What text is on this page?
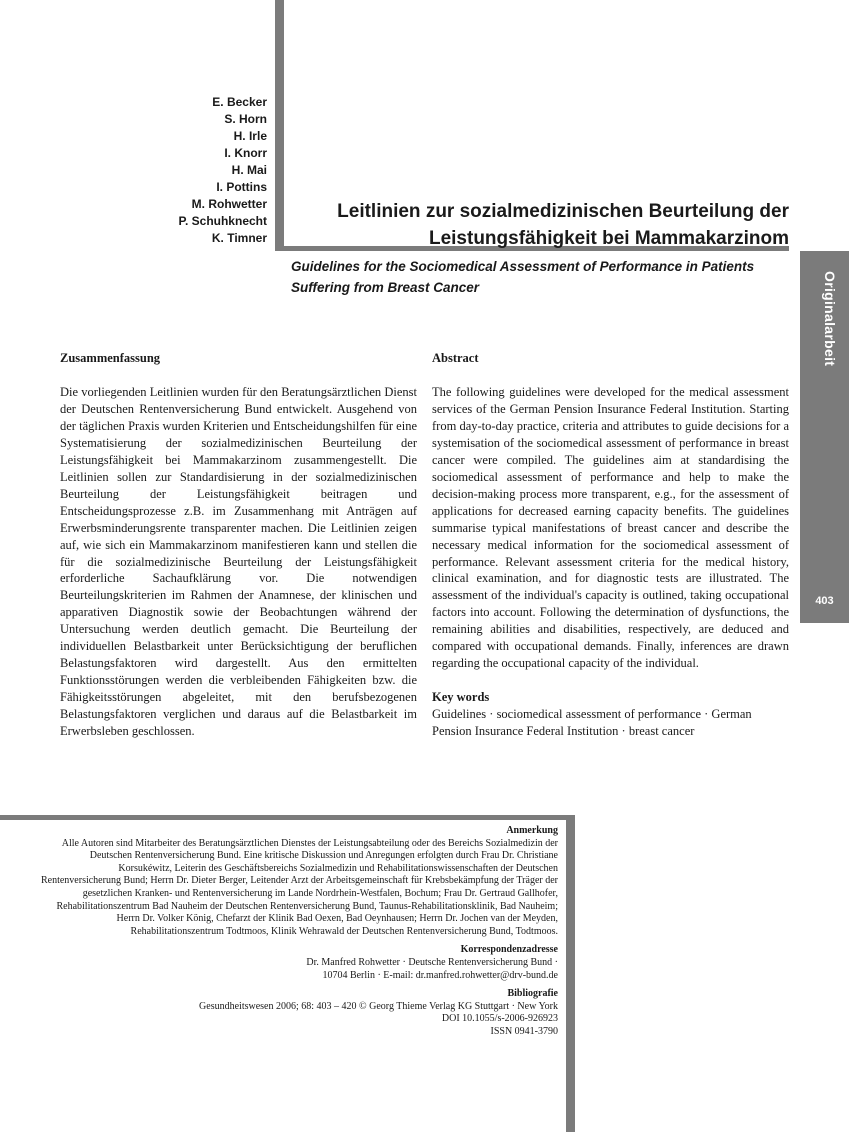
Originalarbeit
403
E. Becker
S. Horn
H. Irle
I. Knorr
H. Mai
I. Pottins
M. Rohwetter
P. Schuhknecht
K. Timner
Leitlinien zur sozialmedizinischen Beurteilung der
Leistungsfähigkeit bei Mammakarzinom
Guidelines for the Sociomedical Assessment of Performance in Patients Suffering from Breast Cancer
Zusammenfassung

Die vorliegenden Leitlinien wurden für den Beratungsärztlichen Dienst der Deutschen Rentenversicherung Bund entwickelt. Ausgehend von der täglichen Praxis wurden Kriterien und Entscheidungshilfen für eine Systematisierung der sozialmedizinischen Beurteilung der Leistungsfähigkeit bei Mammakarzinom zusammengestellt. Die Leitlinien sollen zur Standardisierung in der sozialmedizinischen Beurteilung der Leistungsfähigkeit beitragen und Entscheidungsprozesse z.B. im Zusammenhang mit Anträgen auf Erwerbsminderungsrente transparenter machen. Die Leitlinien zeigen auf, wie sich ein Mammakarzinom manifestieren kann und stellen die für die sozialmedizinische Beurteilung der Leistungsfähigkeit erforderliche Sachaufklärung vor. Die notwendigen Beurteilungskriterien im Rahmen der Anamnese, der klinischen und apparativen Diagnostik sowie der Beobachtungen während der Untersuchung werden deutlich gemacht. Die Beurteilung der individuellen Belastbarkeit unter Berücksichtigung der beruflichen Belastungsfaktoren wird dargestellt. Aus den ermittelten Funktionsstörungen werden die verbleibenden Fähigkeiten bzw. die Fähigkeitsstörungen abgeleitet, mit den berufsbezogenen Belastungsfaktoren verglichen und daraus auf die Belastbarkeit im Erwerbsleben geschlossen.

Abstract

The following guidelines were developed for the medical assessment services of the German Pension Insurance Federal Institution. Starting from day-to-day practice, criteria and attributes to guide decisions for a systemisation of the sociomedical assessment of performance in breast cancer were compiled. The guidelines aim at standardising the sociomedical assessment of performance and help to make the decision-making process more transparent, e.g., for the assessment of applications for decreased earning capacity benefits. The guidelines summarise typical manifestations of breast cancer and describe the necessary medical information for the sociomedical assessment of performance. Relevant assessment criteria for the medical history, clinical examination, and for diagnostic tests are illustrated. The assessment of the individual's capacity is outlined, taking occupational factors into account. Following the determination of dysfunctions, the remaining abilities and disabilities, respectively, are deduced and compared with occupational demands. Finally, inferences are drawn regarding the occupational capacity of the individual.

Key words
Guidelines · sociomedical assessment of performance · German Pension Insurance Federal Institution · breast cancer
Anmerkung
Alle Autoren sind Mitarbeiter des Beratungsärztlichen Dienstes der Leistungsabteilung oder des Bereichs Sozialmedizin der Deutschen Rentenversicherung Bund. Eine kritische Diskussion und Anregungen erfolgten durch Frau Dr. Christiane Korsukéwitz, Leiterin des Geschäftsbereichs Sozialmedizin und Rehabilitationswissenschaften der Deutschen Rentenversicherung Bund; Herrn Dr. Dieter Berger, Leitender Arzt der Arbeitsgemeinschaft für Krebsbekämpfung der Träger der gesetzlichen Kranken- und Rentenversicherung im Lande Nordrhein-Westfalen, Bochum; Frau Dr. Gertraud Gallhofer, Rehabilitationszentrum Bad Nauheim der Deutschen Rentenversicherung Bund, Taunus-Rehabilitationsklinik, Bad Nauheim; Herrn Dr. Volker König, Chefarzt der Klinik Bad Oexen, Bad Oeynhausen; Herrn Dr. Jochen van der Meyden, Rehabilitationszentrum Todtmoos, Klinik Wehrawald der Deutschen Rentenversicherung Bund, Todtmoos.
Korrespondenzadresse
Dr. Manfred Rohwetter · Deutsche Rentenversicherung Bund ·
10704 Berlin · E-mail: dr.manfred.rohwetter@drv-bund.de
Bibliografie
Gesundheitswesen 2006; 68: 403 – 420 © Georg Thieme Verlag KG Stuttgart · New York
DOI 10.1055/s-2006-926923
ISSN 0941-3790
